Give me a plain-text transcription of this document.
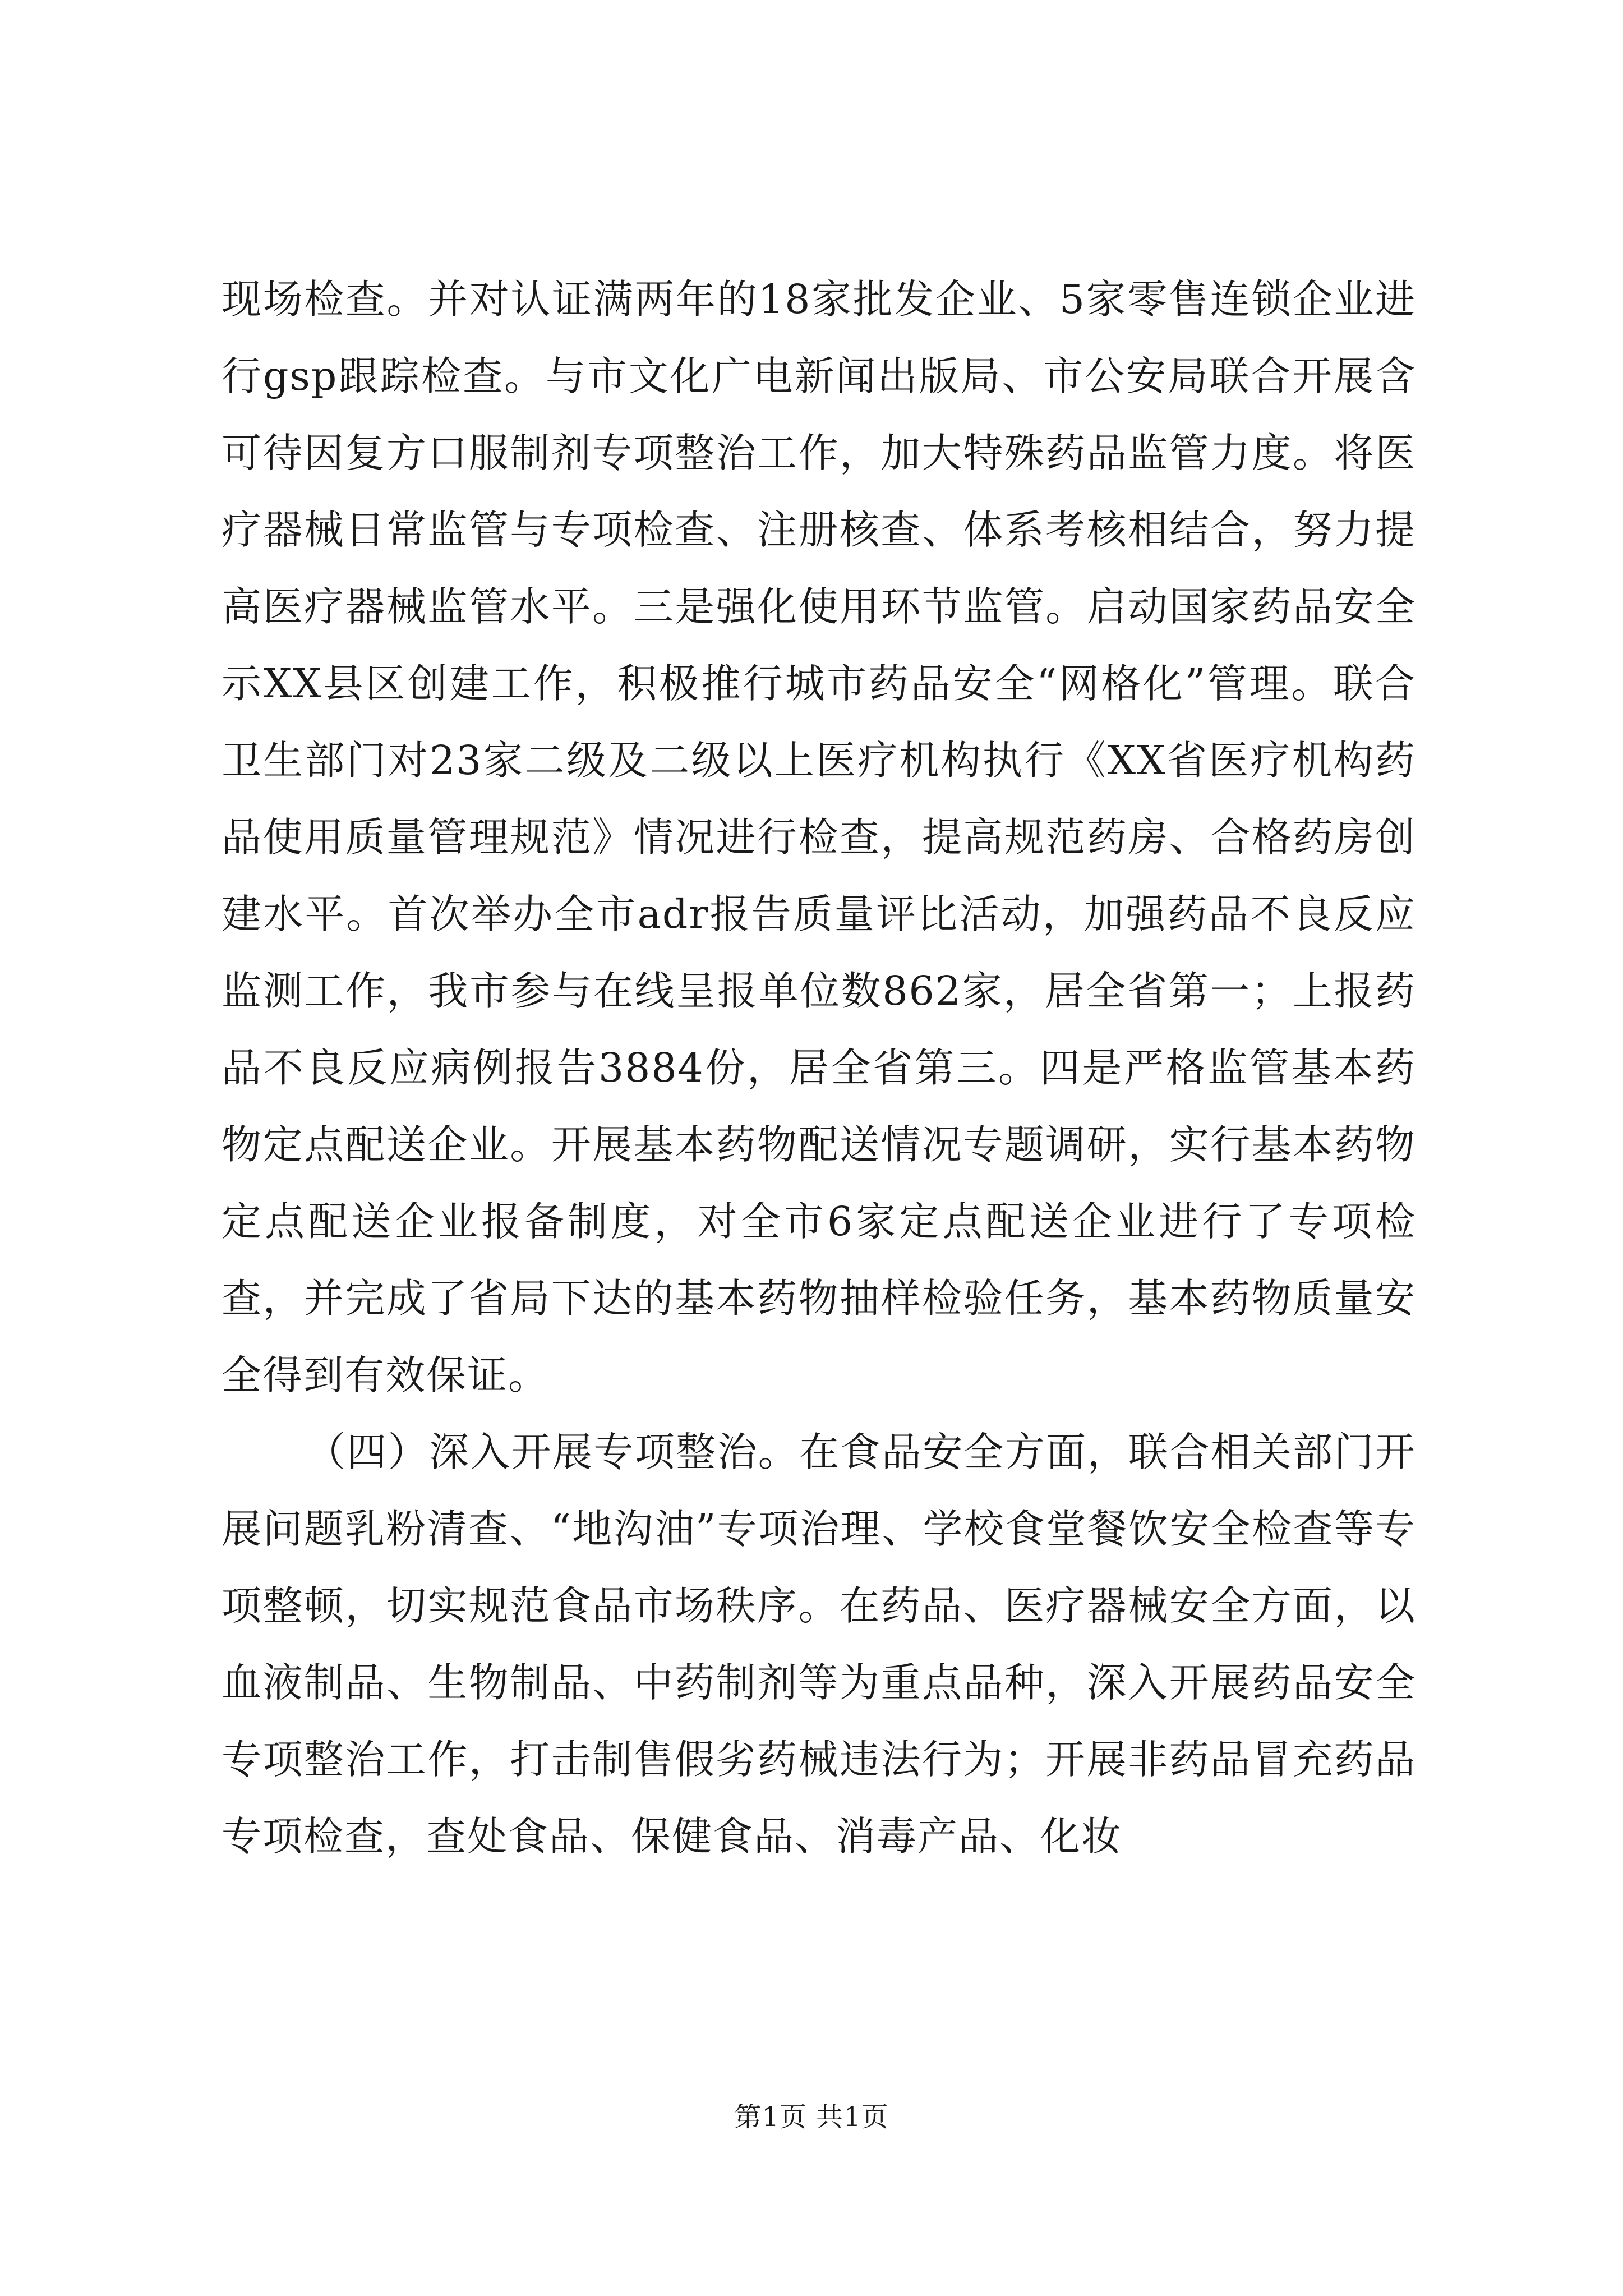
现场检查。并对认证满两年的18家批发企业、5家零售连锁企业进行gsp跟踪检查。与市文化广电新闻出版局、市公安局联合开展含可待因复方口服制剂专项整治工作，加大特殊药品监管力度。将医疗器械日常监管与专项检查、注册核查、体系考核相结合，努力提高医疗器械监管水平。三是强化使用环节监管。启动国家药品安全示XX县区创建工作，积极推行城市药品安全“网格化”管理。联合卫生部门对23家二级及二级以上医疗机构执行《XX省医疗机构药品使用质量管理规范》情况进行检查，提高规范药房、合格药房创建水平。首次举办全市adr报告质量评比活动，加强药品不良反应监测工作，我市参与在线呈报单位数862家，居全省第一；上报药品不良反应病例报告3884份，居全省第三。四是严格监管基本药物定点配送企业。开展基本药物配送情况专题调研，实行基本药物定点配送企业报备制度，对全市6家定点配送企业进行了专项检查，并完成了省局下达的基本药物抽样检验任务，基本药物质量安全得到有效保证。

（四）深入开展专项整治。在食品安全方面，联合相关部门开展问题乳粉清查、“地沟油”专项治理、学校食堂餐饮安全检查等专项整顿，切实规范食品市场秩序。在药品、医疗器械安全方面，以血液制品、生物制品、中药制剂等为重点品种，深入开展药品安全专项整治工作，打击制售假劣药械违法行为；开展非药品冒充药品专项检查，查处食品、保健食品、消毒产品、化妆

第1页 共1页
